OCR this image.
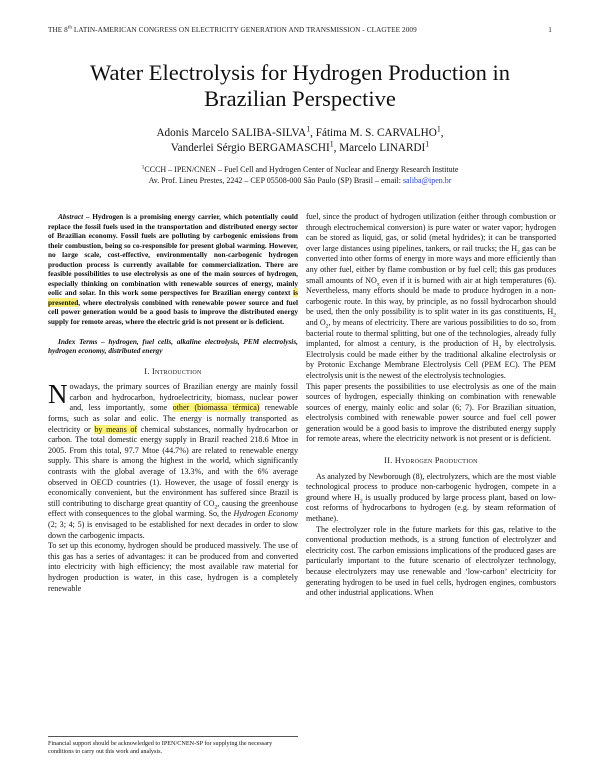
THE 8th LATIN-AMERICAN CONGRESS ON ELECTRICITY GENERATION AND TRANSMISSION - CLAGTEE 2009	1
Water Electrolysis for Hydrogen Production in
Brazilian Perspective
Adonis Marcelo SALIBA-SILVA$^1$, Fátima M. S. CARVALHO$^1$,
Vanderlei Sérgio BERGAMASCHI$^1$, Marcelo LINARDI$^1$
$^1$CCCH – IPEN/CNEN – Fuel Cell and Hydrogen Center of Nuclear and Energy Research Institute
Av. Prof. Lineu Prestes, 2242 – CEP 05508-000 São Paulo (SP) Brasil – email: saliba@ipen.br

Abstract – Hydrogen is a promising energy carrier, which potentially could replace the fossil fuels used in the transportation and distributed energy sector of Brazilian economy. Fossil fuels are polluting by carbogenic emissions from their combustion, being so co-responsible for present global warming. However, no large scale, cost-effective, environmentally non-carbogenic hydrogen production process is currently available for commercialization. There are feasible possibilities to use electrolysis as one of the main sources of hydrogen, especially thinking on combination with renewable sources of energy, mainly eolic and solar. In this work some perspectives for Brazilian energy context is presented, where electrolysis combined with renewable power source and fuel cell power generation would be a good basis to improve the distributed energy supply for remote areas, where the electric grid is not present or is deficient.

Index Terms – hydrogen, fuel cells, alkaline electrolysis, PEM electrolysis, hydrogen economy, distributed energy

I. Introduction

Nowadays, the primary sources of Brazilian energy are mainly fossil carbon and hydrocarbon, hydroelectricity, biomass, nuclear power and, less importantly, some other (biomassa térmica) renewable forms, such as solar and eolic. The energy is normally transported as electricity or by means of chemical substances, normally hydrocarbon or carbon. The total domestic energy supply in Brazil reached 218.6 Mtoe in 2005. From this total, 97.7 Mtoe (44.7%) are related to renewable energy supply. This share is among the highest in the world, which significantly contrasts with the global average of 13.3%, and with the 6% average observed in OECD countries (1). However, the usage of fossil energy is economically convenient, but the environment has suffered since Brazil is still contributing to discharge great quantity of $CO_2$, causing the greenhouse effect with consequences to the global warming. So, the Hydrogen Economy (2; 3; 4; 5) is envisaged to be established for next decades in order to slow down the carbogenic impacts.

To set up this economy, hydrogen should be produced massively. The use of this gas has a series of advantages: it can be produced from and converted into electricity with high efficiency; the most available raw material for hydrogen production is water, in this case, hydrogen is a completely renewable

fuel, since the product of hydrogen utilization (either through combustion or through electrochemical conversion) is pure water or water vapor; hydrogen can be stored as liquid, gas, or solid (metal hydrides); it can be transported over large distances using pipelines, tankers, or rail trucks; the $H_2$ gas can be converted into other forms of energy in more ways and more efficiently than any other fuel, either by flame combustion or by fuel cell; this gas produces small amounts of $NO_x$ even if it is burned with air at high temperatures (6). Nevertheless, many efforts should be made to produce hydrogen in a non-carbogenic route. In this way, by principle, as no fossil hydrocarbon should be used, then the only possibility is to split water in its gas constituents, $H_2$ and $O_2$, by means of electricity. There are various possibilities to do so, from bacterial route to thermal splitting, but one of the technologies, already fully implanted, for almost a century, is the production of $H_2$ by electrolysis. Electrolysis could be made either by the traditional alkaline electrolysis or by Protonic Exchange Membrane Electrolysis Cell (PEM EC). The PEM electrolysis unit is the newest of the electrolysis technologies.

This paper presents the possibilities to use electrolysis as one of the main sources of hydrogen, especially thinking on combination with renewable sources of energy, mainly eolic and solar (6; 7). For Brazilian situation, electrolysis combined with renewable power source and fuel cell power generation would be a good basis to improve the distributed energy supply for remote areas, where the electricity network is not present or is deficient.

II. Hydrogen Production

As analyzed by Newborough (8), electrolyzers, which are the most viable technological process to produce non-carbogenic hydrogen, compete in a ground where $H_2$ is usually produced by large process plant, based on low-cost reforms of hydrocarbons to hydrogen (e.g. by steam reformation of methane).

The electrolyzer role in the future markets for this gas, relative to the conventional production methods, is a strong function of electrolyzer and electricity cost. The carbon emissions implications of the produced gases are particularly important to the future scenario of electrolyzer technology, because electrolyzers may use renewable and ‘low-carbon’ electricity for generating hydrogen to be used in fuel cells, hydrogen engines, combustors and other industrial applications. When

Financial support should be acknowledged to IPEN/CNEN-SP for supplying the necessary conditions to carry out this work and analysis.
